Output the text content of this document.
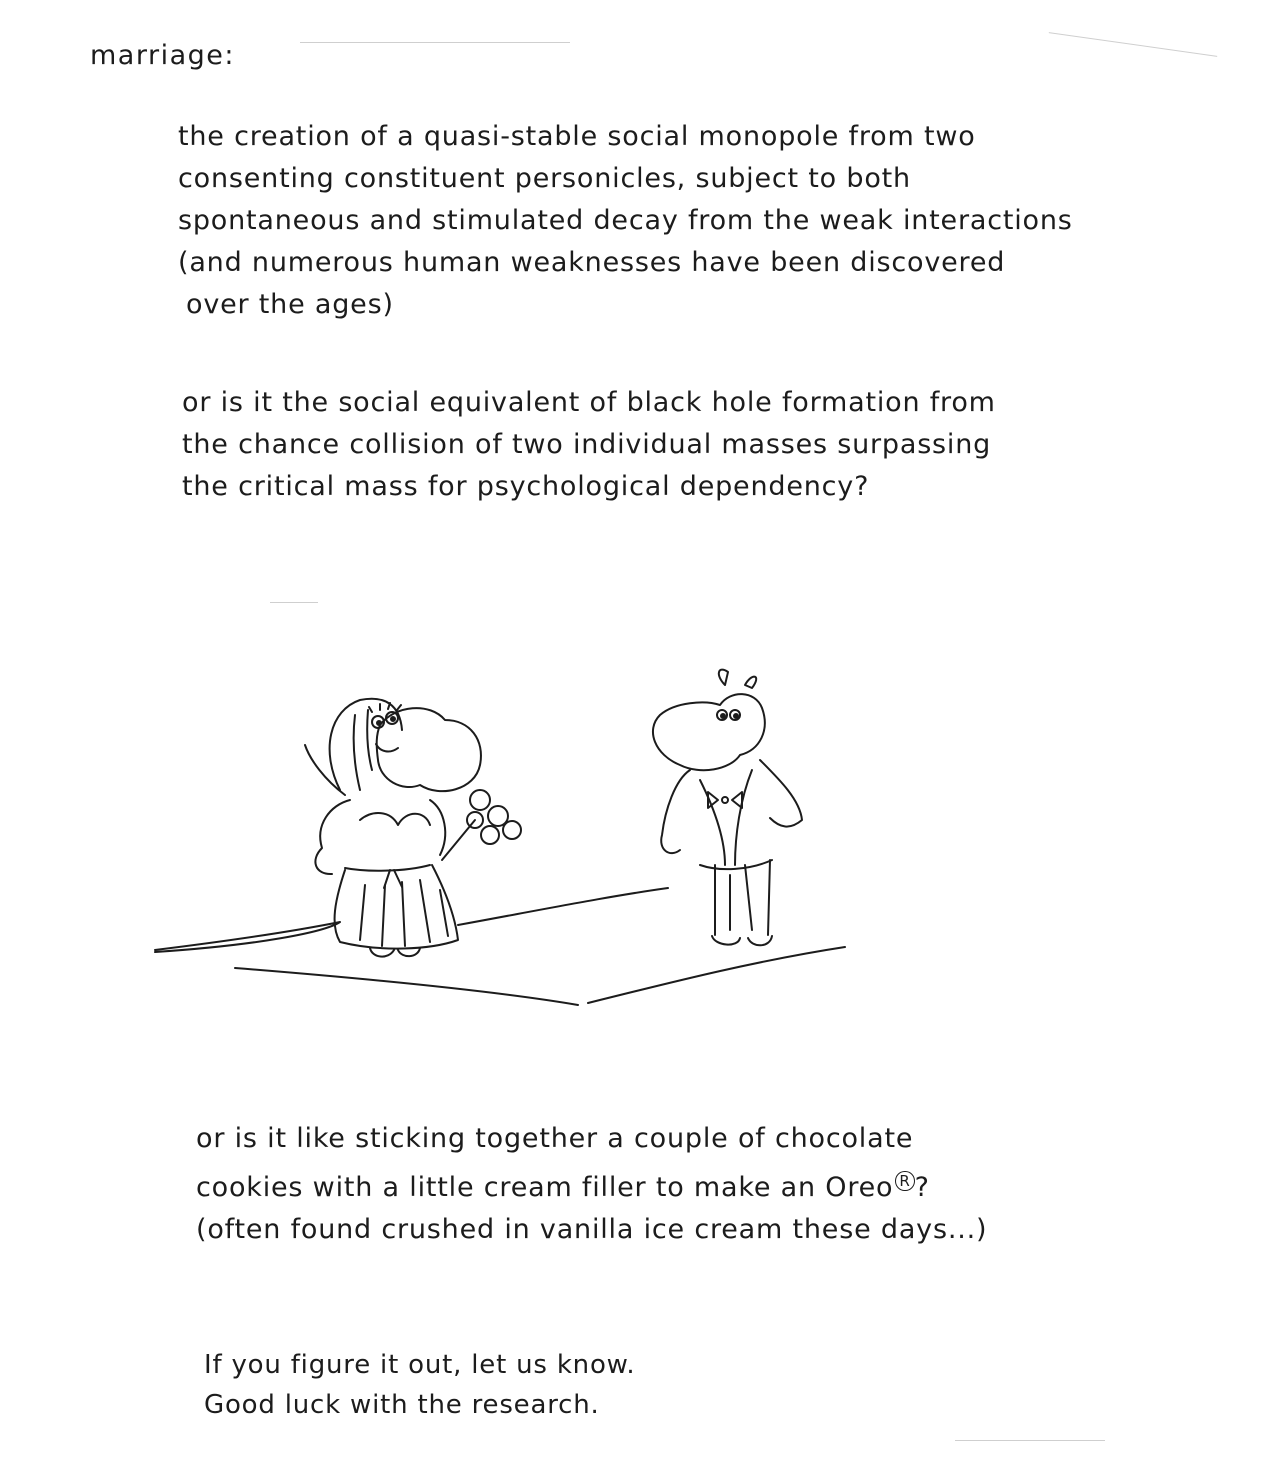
marriage:
the creation of a quasi-stable social monopole from two
consenting constituent personicles, subject to both
spontaneous and stimulated decay from the weak interactions
(and numerous human weaknesses have been discovered
over the ages)
or is it the social equivalent of black hole formation from
the chance collision of two individual masses surpassing
the critical mass for psychological dependency?
or is it like sticking together a couple of chocolate
cookies with a little cream filler to make an Oreo $^R$ ?
(often found crushed in vanilla ice cream these days...)
If you figure it out, let us know.
Good luck with the research.
